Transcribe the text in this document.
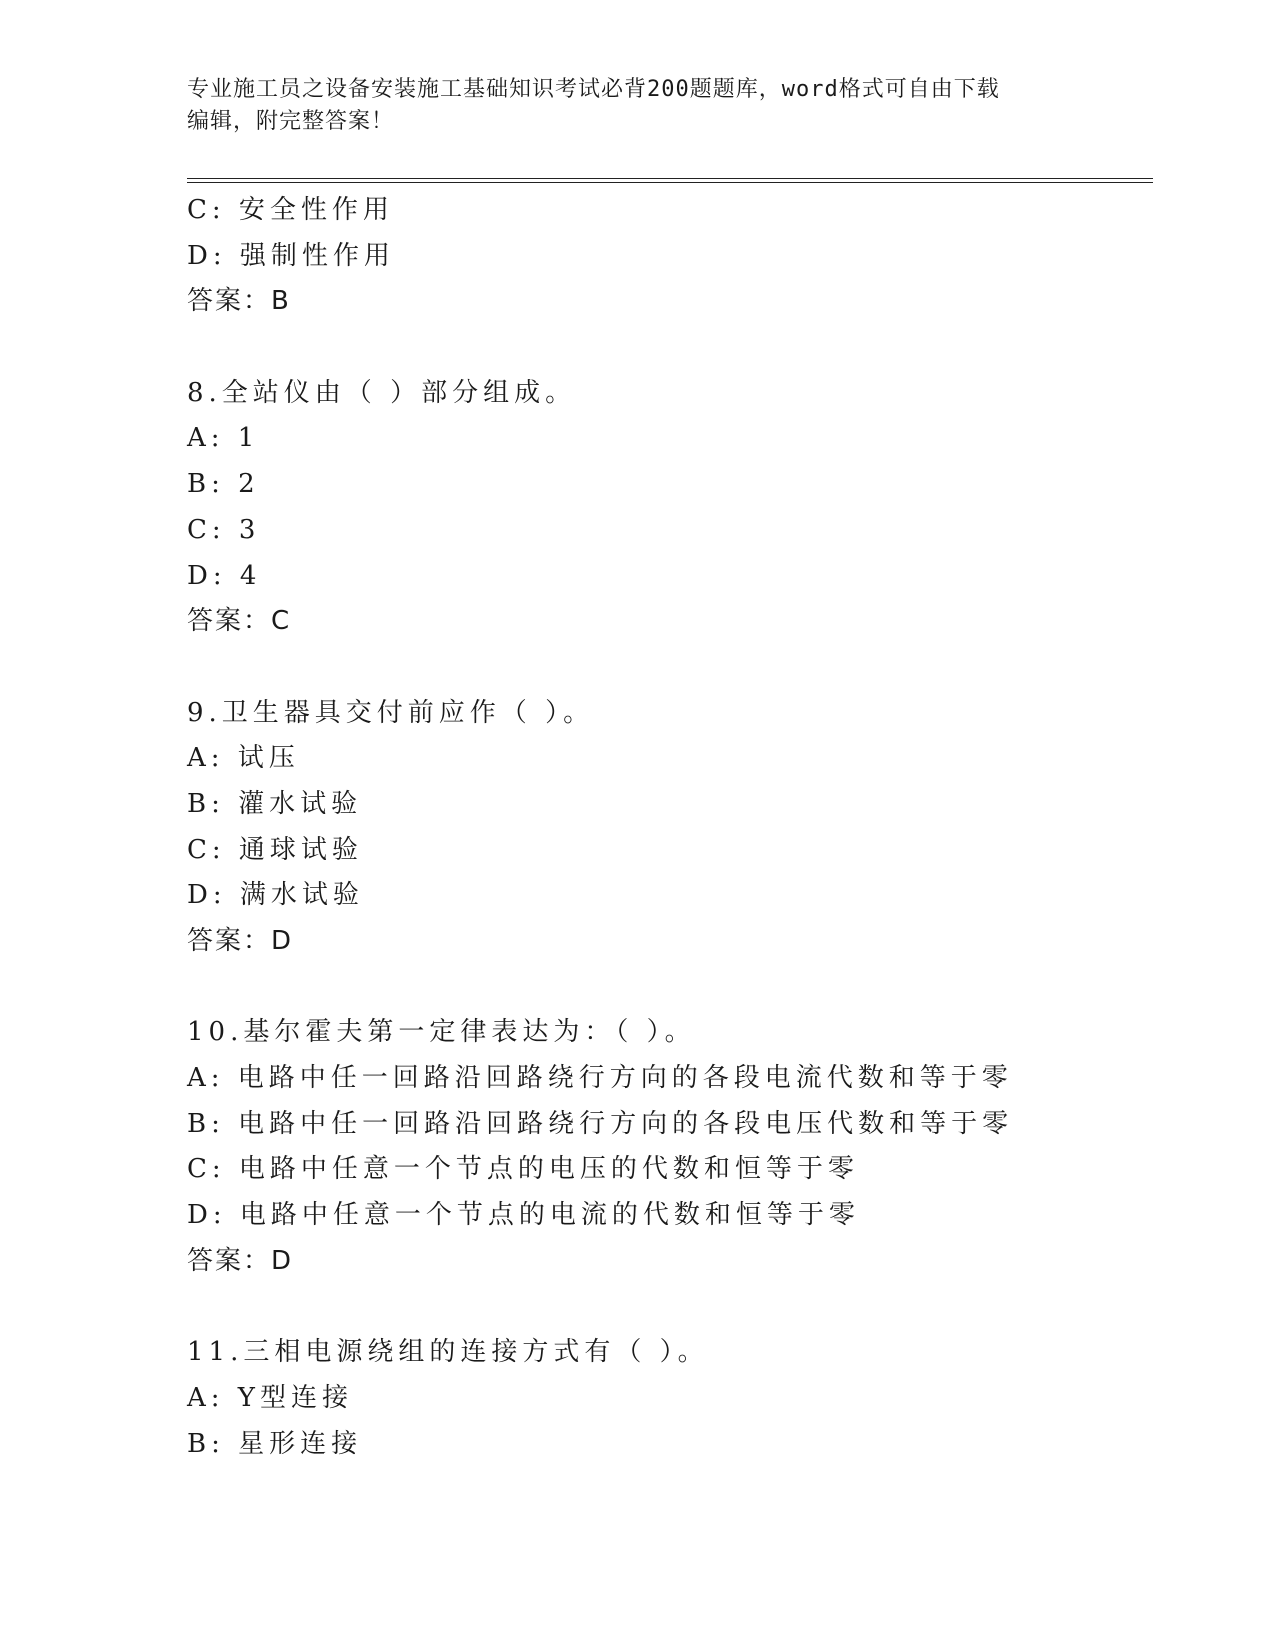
专业施工员之设备安装施工基础知识考试必背200题题库，word格式可自由下载
编辑，附完整答案！
C: 安全性作用
D: 强制性作用
答案：B
8.全站仪由（ ）部分组成。
A: 1
B: 2
C: 3
D: 4
答案：C
9.卫生器具交付前应作（ ）。
A: 试压
B: 灌水试验
C: 通球试验
D: 满水试验
答案：D
10.基尔霍夫第一定律表达为：（ ）。
A: 电路中任一回路沿回路绕行方向的各段电流代数和等于零
B: 电路中任一回路沿回路绕行方向的各段电压代数和等于零
C: 电路中任意一个节点的电压的代数和恒等于零
D: 电路中任意一个节点的电流的代数和恒等于零
答案：D
11.三相电源绕组的连接方式有（ ）。
A: Y型连接
B: 星形连接
